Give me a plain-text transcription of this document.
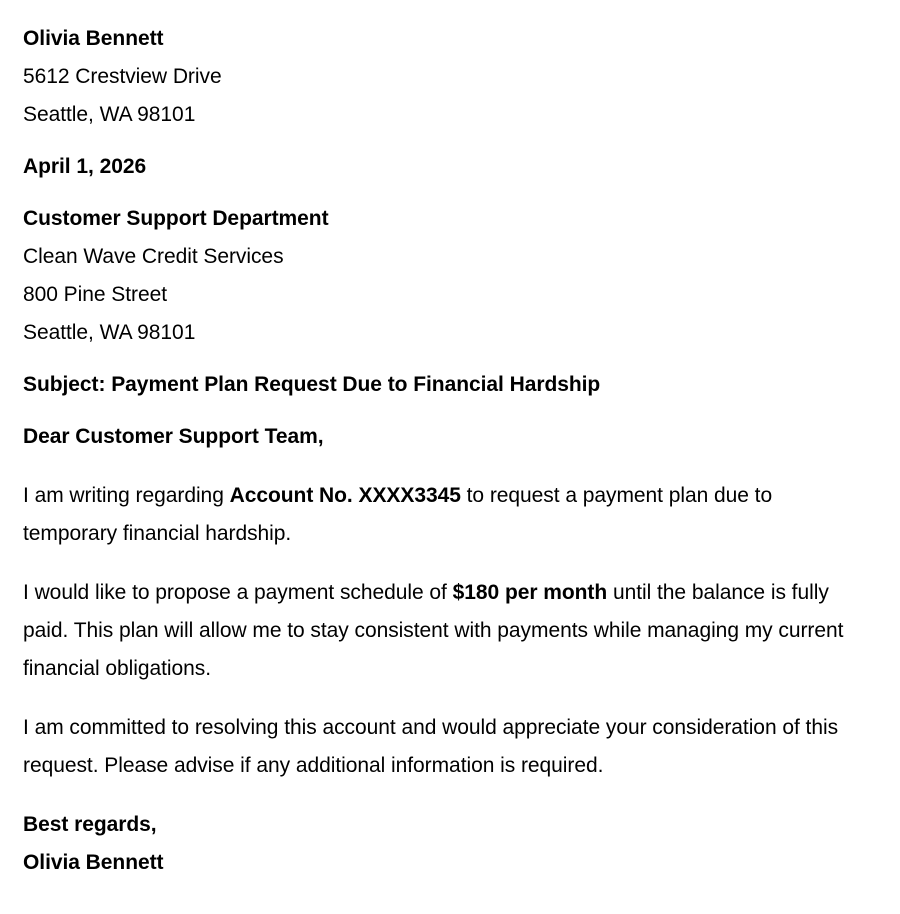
Olivia Bennett
5612 Crestview Drive
Seattle, WA 98101
April 1, 2026
Customer Support Department
Clean Wave Credit Services
800 Pine Street
Seattle, WA 98101
Subject: Payment Plan Request Due to Financial Hardship
Dear Customer Support Team,

I am writing regarding Account No. XXXX3345 to request a payment plan due to temporary financial hardship.

I would like to propose a payment schedule of $180 per month until the balance is fully paid. This plan will allow me to stay consistent with payments while managing my current financial obligations.

I am committed to resolving this account and would appreciate your consideration of this request. Please advise if any additional information is required.

Best regards,
Olivia Bennett
